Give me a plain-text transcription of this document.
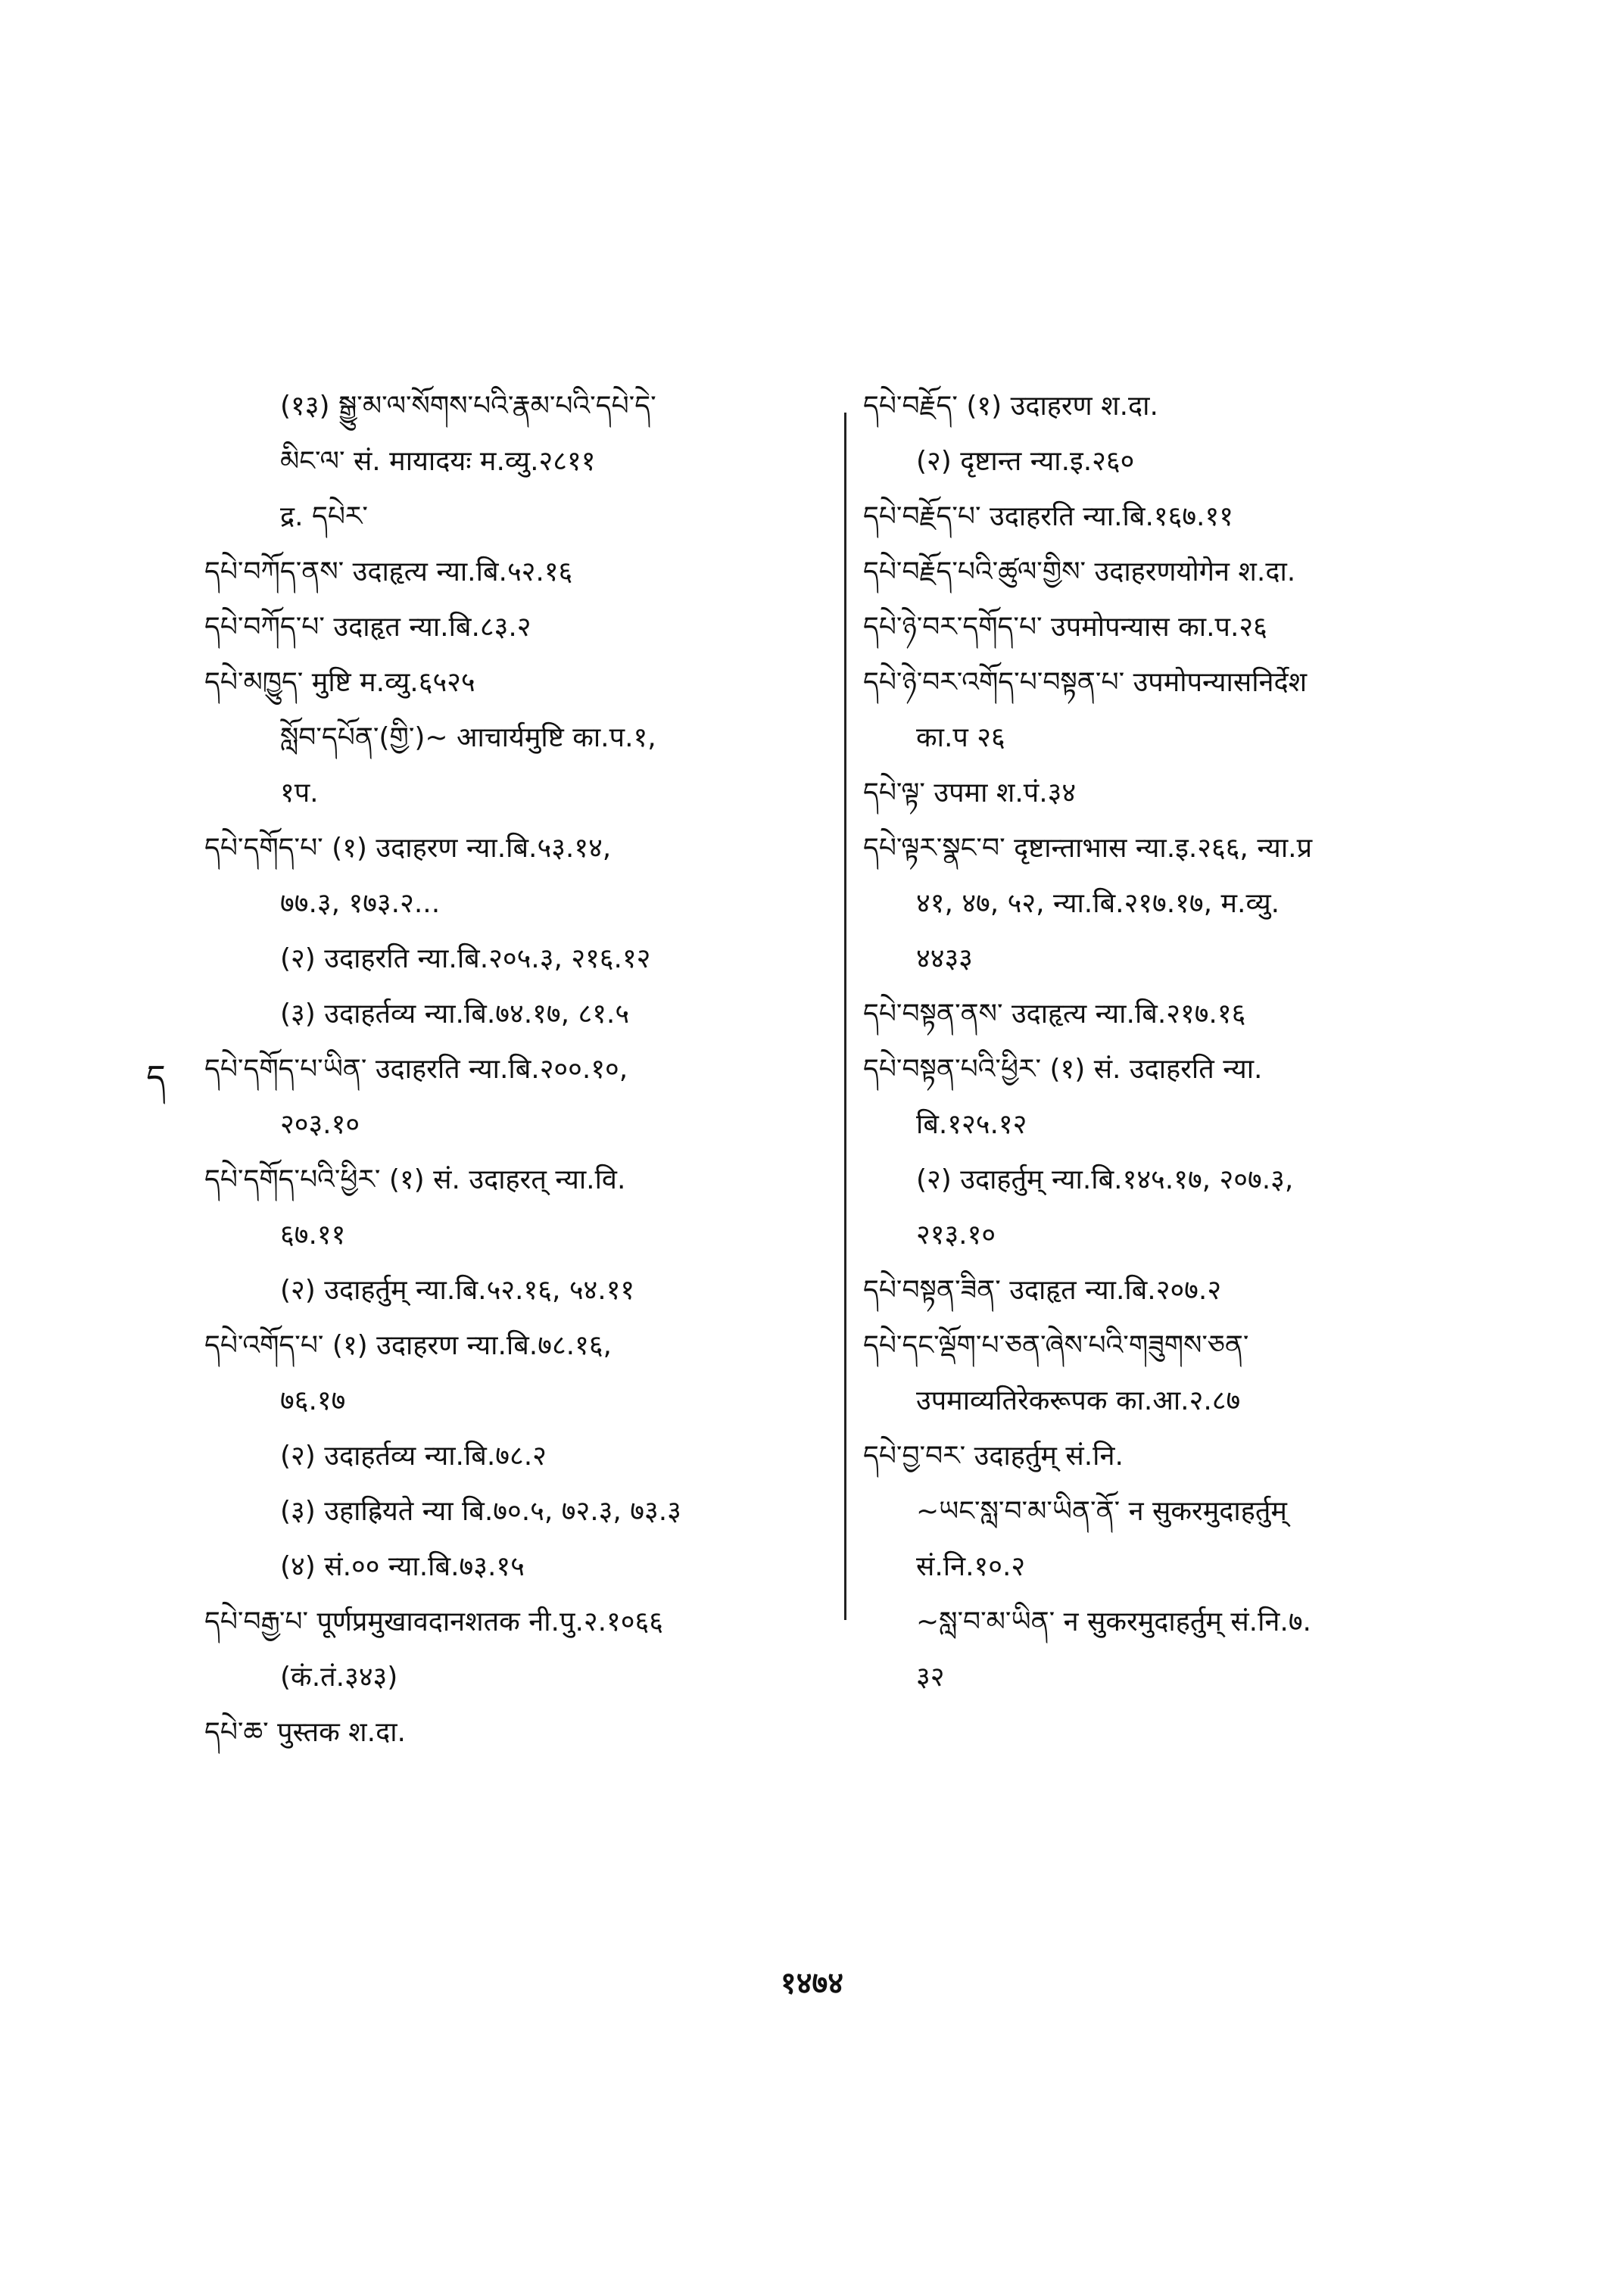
(१३) སྒྱུ་མ་ལ་སོགས་པའི་རྣམ་པའི་དཔེ་དེ་
མིང་ལ་ सं. मायादयः म.व्यु.२८११
द्र. དཔེར་
དཔེ་བཀོད་ནས་ उदाहृत्य न्या.बि.५२.१६
དཔེ་བཀོད་པ་ उदाहृत न्या.बि.८३.२
དཔེ་མཁྱུད་ मुष्टि म.व्यु.६५२५
སློབ་དཔོན་(གྱི་)~ आचार्यमुष्टि का.प.१,
१प.
དཔེ་དགོད་པ་ (१) उदाहरण न्या.बि.५३.१४,
७७.३, १७३.२...
(२) उदाहरति न्या.बि.२०५.३, २१६.१२
(३) उदाहर्तव्य न्या.बि.७४.१७, ८१.५
དཔེ་དགོད་པ་ཡིན་ उदाहरति न्या.बि.२००.१०,
२०३.१०
དཔེ་དགོད་པའི་ཕྱིར་ (१) सं. उदाहरत् न्या.वि.
६७.११
(२) उदाहर्तुम् न्या.बि.५२.१६, ५४.११
དཔེ་འགོད་པ་ (१) उदाहरण न्या.बि.७८.१६,
७६.१७
(२) उदाहर्तव्य न्या.बि.७८.२
(३) उहाह्रियते न्या बि.७०.५, ७२.३, ७३.३
(४) सं.०० न्या.बि.७३.१५
དཔེ་བརྒྱ་པ་ पूर्णप्रमुखावदानशतक नी.पु.२.१०६६
(कं.तं.३४३)
དཔེ་ཆ་ पुस्तक श.दा.
དཔེ་བརྗོད་ (१) उदाहरण श.दा.
(२) दृष्टान्त न्या.इ.२६०
དཔེ་བརྗོད་པ་ उदाहरति न्या.बि.१६७.११
དཔེ་བརྗོད་པའི་ཚུལ་གྱིས་ उदाहरणयोगेन श.दा.
དཔེ་ཉེ་བར་དགོད་པ་ उपमोपन्यास का.प.२६
དཔེ་ཉེ་བར་འགོད་པ་བསྟན་པ་ उपमोपन्यासनिर्देश
का.प २६
དཔེ་ལྟ་ उपमा श.पं.३४
དཔེ་ལྟར་སྣང་བ་ दृष्टान्ताभास न्या.इ.२६६, न्या.प्र
४१, ४७, ५२, न्या.बि.२१७.१७, म.व्यु.
४४३३
དཔེ་བསྟན་ནས་ उदाहृत्य न्या.बि.२१७.१६
དཔེ་བསྟན་པའི་ཕྱིར་ (१) सं. उदाहरति न्या.
बि.१२५.१२
(२) उदाहर्तुम् न्या.बि.१४५.१७, २०७.३,
२१३.१०
དཔེ་བསྟན་ཟིན་ उदाहृत न्या.बि.२०७.२
དཔེ་དང་ལྡོག་པ་ཅན་ཞེས་པའི་གཟུགས་ཅན་
उपमाव्यतिरेकरूपक का.आ.२.८७
དཔེ་བྱ་བར་ उदाहर्तुम् सं.नि.
~ཡང་སླ་བ་མ་ཡིན་ནོ་ न सुकरमुदाहर्तुम्
सं.नि.१०.२
~སླ་བ་མ་ཡིན་ न सुकरमुदाहर्तुम् सं.नि.७.
३२
ད
१४७४
